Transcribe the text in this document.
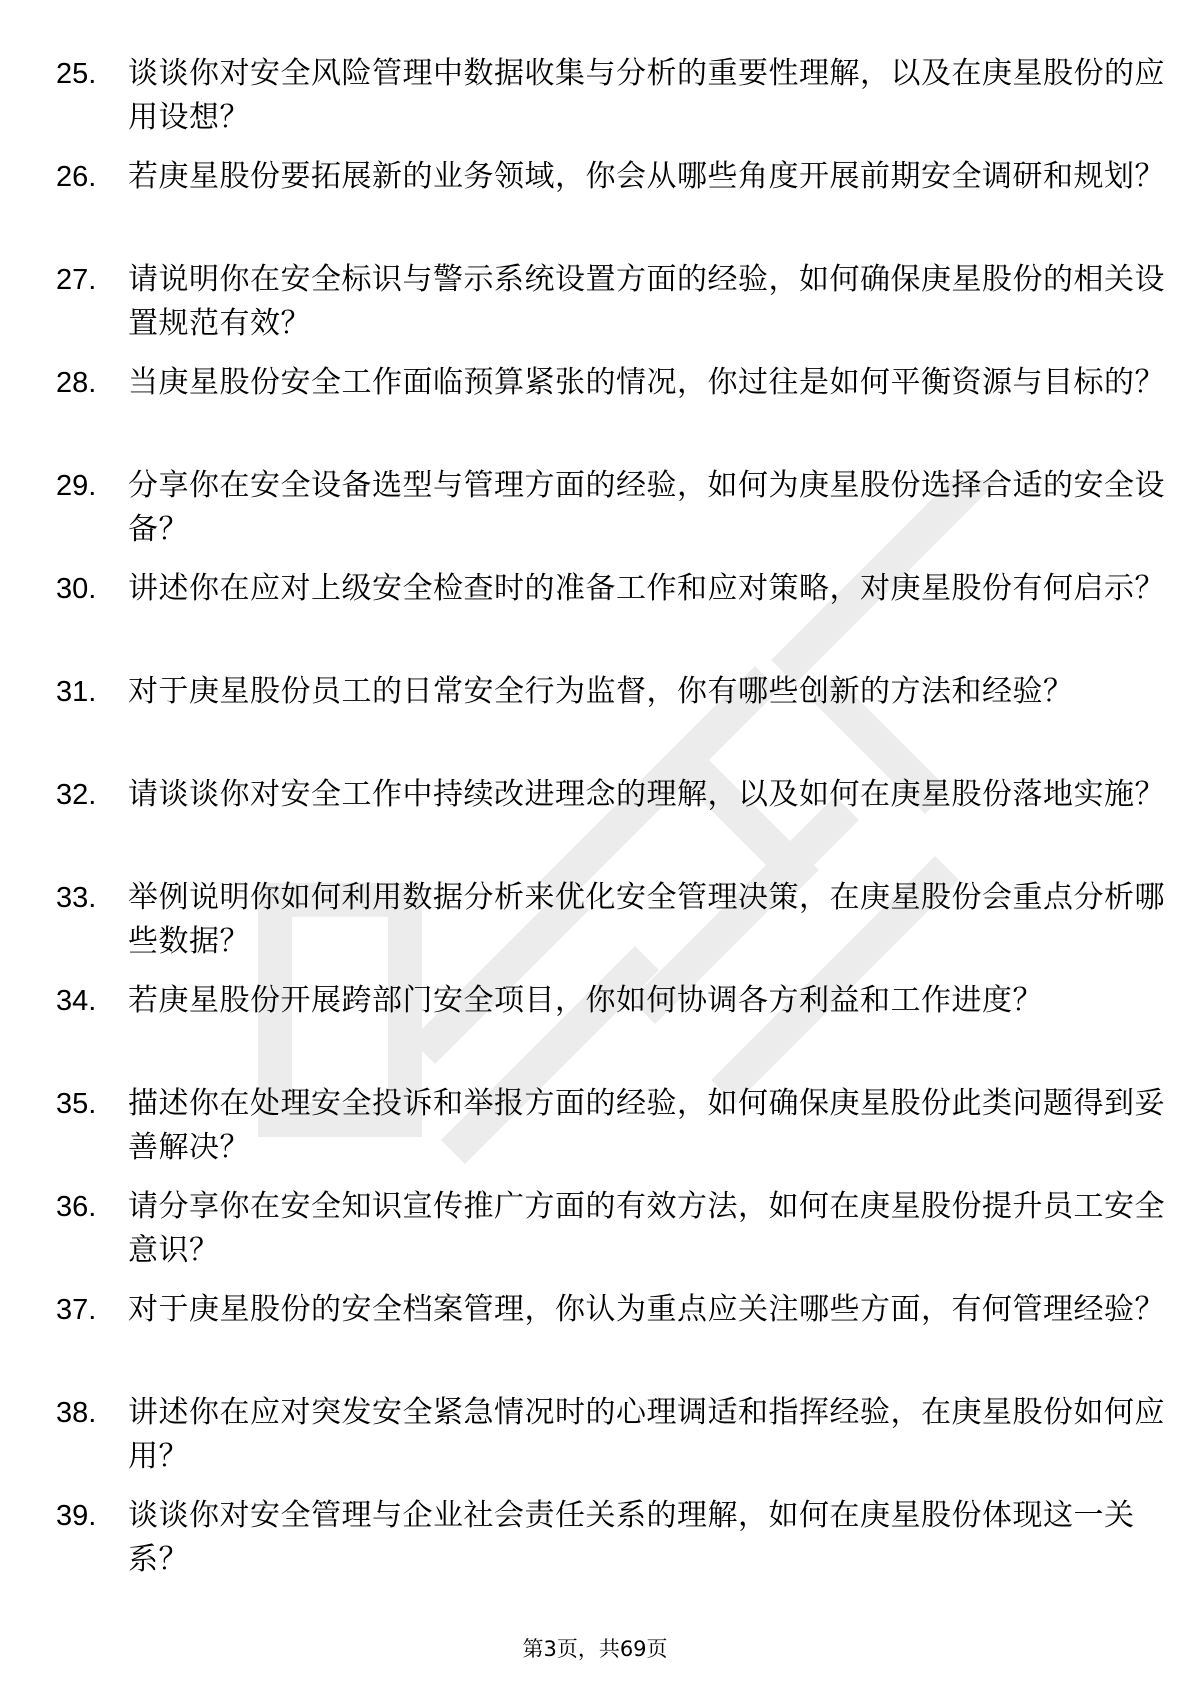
25.	谈谈你对安全风险管理中数据收集与分析的重要性理解，以及在庚星股份的应用设想？
26.	若庚星股份要拓展新的业务领域，你会从哪些角度开展前期安全调研和规划？
27.	请说明你在安全标识与警示系统设置方面的经验，如何确保庚星股份的相关设置规范有效？
28.	当庚星股份安全工作面临预算紧张的情况，你过往是如何平衡资源与目标的？
29.	分享你在安全设备选型与管理方面的经验，如何为庚星股份选择合适的安全设备？
30.	讲述你在应对上级安全检查时的准备工作和应对策略，对庚星股份有何启示？
31.	对于庚星股份员工的日常安全行为监督，你有哪些创新的方法和经验？
32.	请谈谈你对安全工作中持续改进理念的理解，以及如何在庚星股份落地实施？
33.	举例说明你如何利用数据分析来优化安全管理决策，在庚星股份会重点分析哪些数据？
34.	若庚星股份开展跨部门安全项目，你如何协调各方利益和工作进度？
35.	描述你在处理安全投诉和举报方面的经验，如何确保庚星股份此类问题得到妥善解决？
36.	请分享你在安全知识宣传推广方面的有效方法，如何在庚星股份提升员工安全意识？
37.	对于庚星股份的安全档案管理，你认为重点应关注哪些方面，有何管理经验？
38.	讲述你在应对突发安全紧急情况时的心理调适和指挥经验，在庚星股份如何应用？
39.	谈谈你对安全管理与企业社会责任关系的理解，如何在庚星股份体现这一关系？
第3页，共69页
